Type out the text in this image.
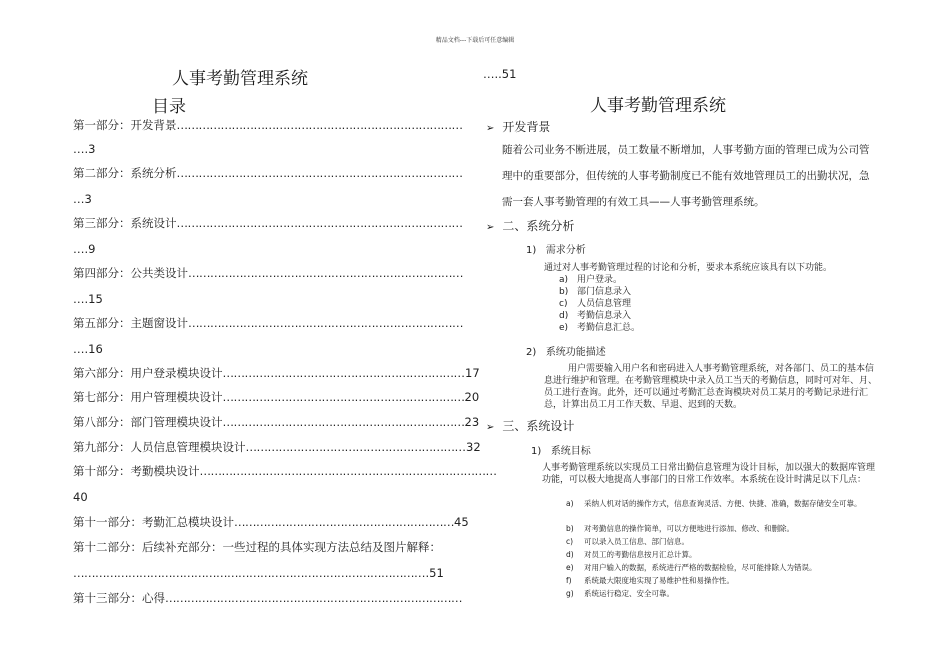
精品文档---下载后可任意编辑
人事考勤管理系统
目录
第一部分：开发背景……………………………………………………………………
….3
第二部分：系统分析……………………………………………………………………
…3
第三部分：系统设计……………………………………………………………………
….9
第四部分：公共类设计…………………………………………………………………
….15
第五部分：主题窗设计…………………………………………………………………
….16
第六部分：用户登录模块设计…………………………………………………………17
第七部分：用户管理模块设计…………………………………………………………20
第八部分：部门管理模块设计…………………………………………………………23
第九部分：人员信息管理模块设计……………………………………………………32
第十部分：考勤模块设计………………………………………………………………………
40
第十一部分：考勤汇总模块设计……………………………………………………45
第十二部分：后续补充部分：一些过程的具体实现方法总结及图片解释：
…………………………………………………………………………………….51
第十三部分：心得………………………………………………………………………
…..51
人事考勤管理系统
➢ 开发背景
随着公司业务不断进展，员工数量不断增加，人事考勤方面的管理已成为公司管理中的重要部分，但传统的人事考勤制度已不能有效地管理员工的出勤状况，急需一套人事考勤管理的有效工具——人事考勤管理系统。
➢ 二、系统分析
1) 需求分析
通过对人事考勤管理过程的讨论和分析，要求本系统应该具有以下功能。
a) 用户登录。
b) 部门信息录入
c) 人员信息管理
d) 考勤信息录入
e) 考勤信息汇总。
2) 系统功能描述
用户需要输入用户名和密码进入人事考勤管理系统，对各部门、员工的基本信息进行维护和管理。在考勤管理模块中录入员工当天的考勤信息，同时可对年、月、员工进行查询。此外，还可以通过考勤汇总查询模块对员工某月的考勤记录进行汇总，计算出员工月工作天数、早退、迟到的天数。
➢ 三、系统设计
1) 系统目标
人事考勤管理系统以实现员工日常出勤信息管理为设计目标，加以强大的数据库管理功能，可以极大地提高人事部门的日常工作效率。本系统在设计时满足以下几点：
a) 采纳人机对话的操作方式，信息查询灵活、方便、快捷、准确，数据存储安全可靠。
b) 对考勤信息的操作简单，可以方便地进行添加、修改、和删除。
c) 可以录入员工信息、部门信息。
d) 对员工的考勤信息按月汇总计算。
e) 对用户输入的数据，系统进行严格的数据检验，尽可能排除人为错误。
f) 系统最大限度地实现了易维护性和易操作性。
g) 系统运行稳定、安全可靠。
